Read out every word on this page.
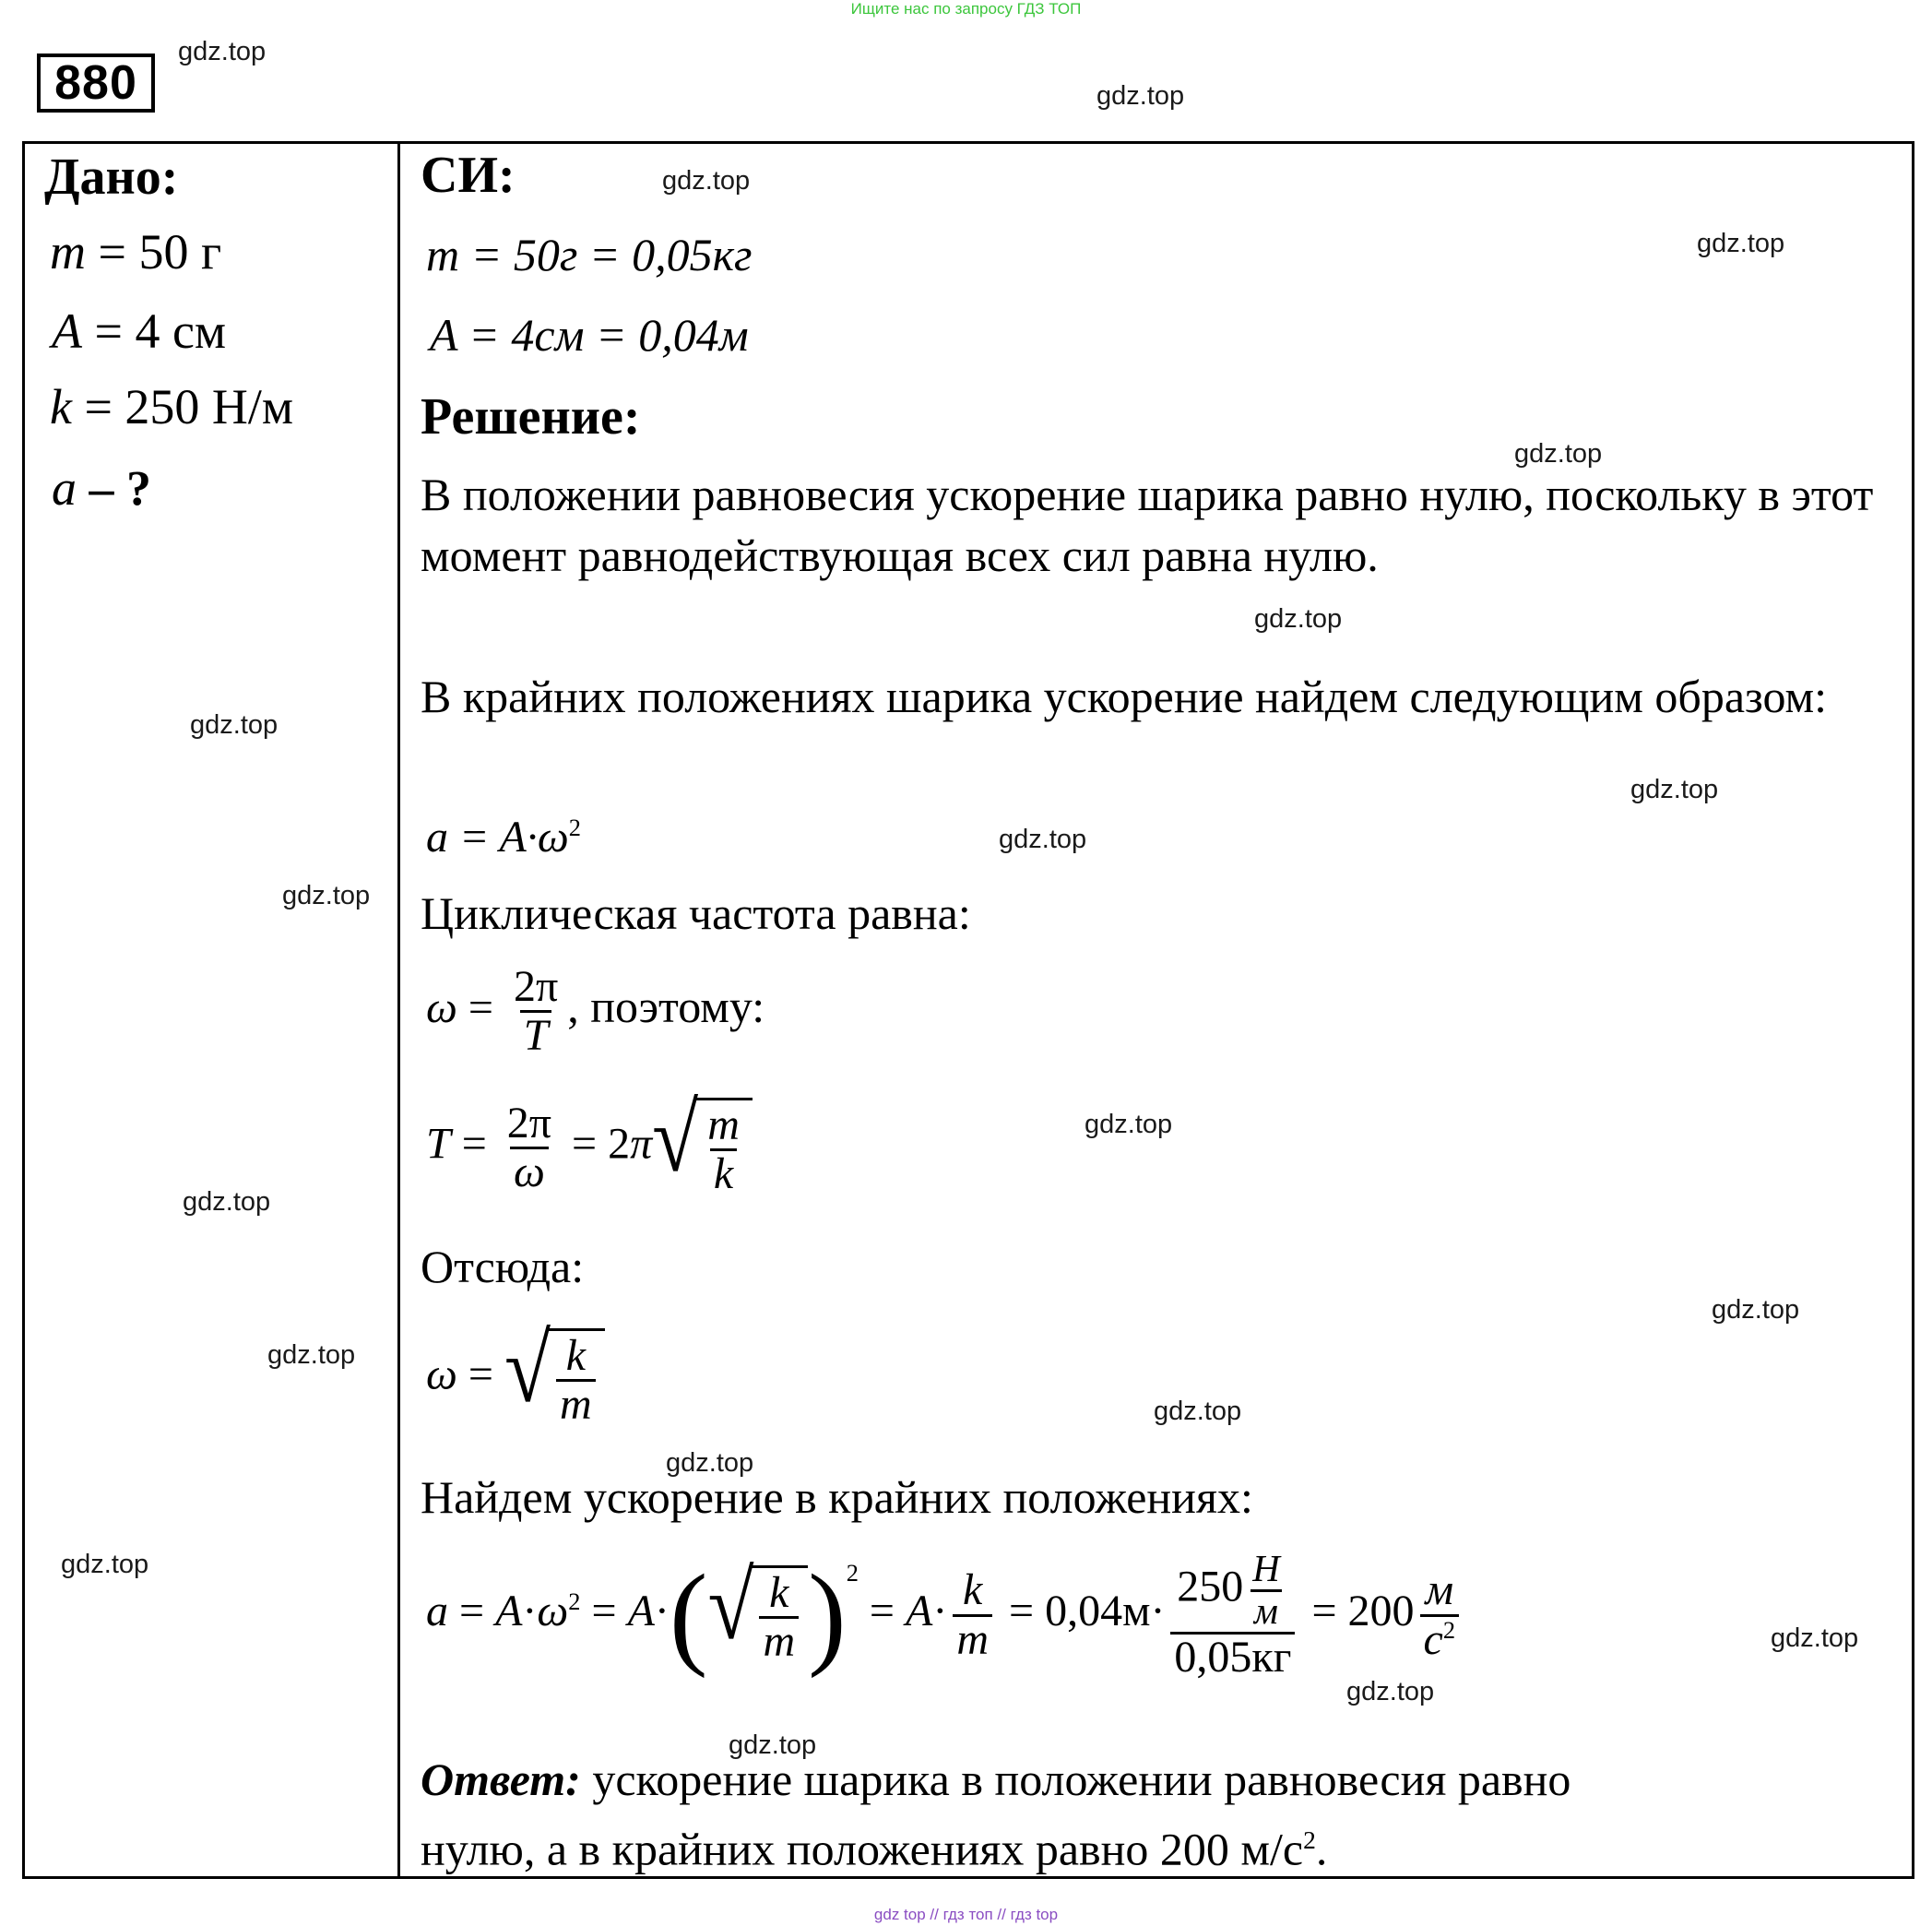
Ищите нас по запросу ГДЗ ТОП
880
Дано:
m = 50 г
A = 4 см
k = 250 Н/м
a – ?
СИ:
m = 50г = 0,05кг
A = 4см = 0,04м
Решение:
В положении равновесия ускорение шарика равно нулю, поскольку в этот момент равнодействующая всех сил равна нулю.
В крайних положениях шарика ускорение найдем следующим образом:
$a = A\cdot\omega^2$
Циклическая частота равна:
$\omega = \frac{2\pi}{T}$ , поэтому:
$T = \frac{2\pi}{\omega} = 2\pi$ √ $\frac{m}{k}$
Отсюда:
ω = √ $\frac{k}{m}$
Найдем ускорение в крайних положениях:
$a = A\cdot\omega^2 = A\cdot$( √ $\frac{k}{m} )^2 = A\cdot \frac{k}{m} = 0,04м\cdot \frac{250 \frac{Н}{м}}{0,05кг} = 200 \frac{м}{с^2}$
Ответ: ускорение шарика в положении равновесия равно
нулю, а в крайних положениях равно 200 $м/с^2$.
gdz.top
gdz.top
gdz.top
gdz.top
gdz.top
gdz.top
gdz.top
gdz.top
gdz.top
gdz.top
gdz.top
gdz.top
gdz.top
gdz.top
gdz.top
gdz.top
gdz.top
gdz.top
gdz.top
gdz.top
gdz top // гдз топ // гдз top
